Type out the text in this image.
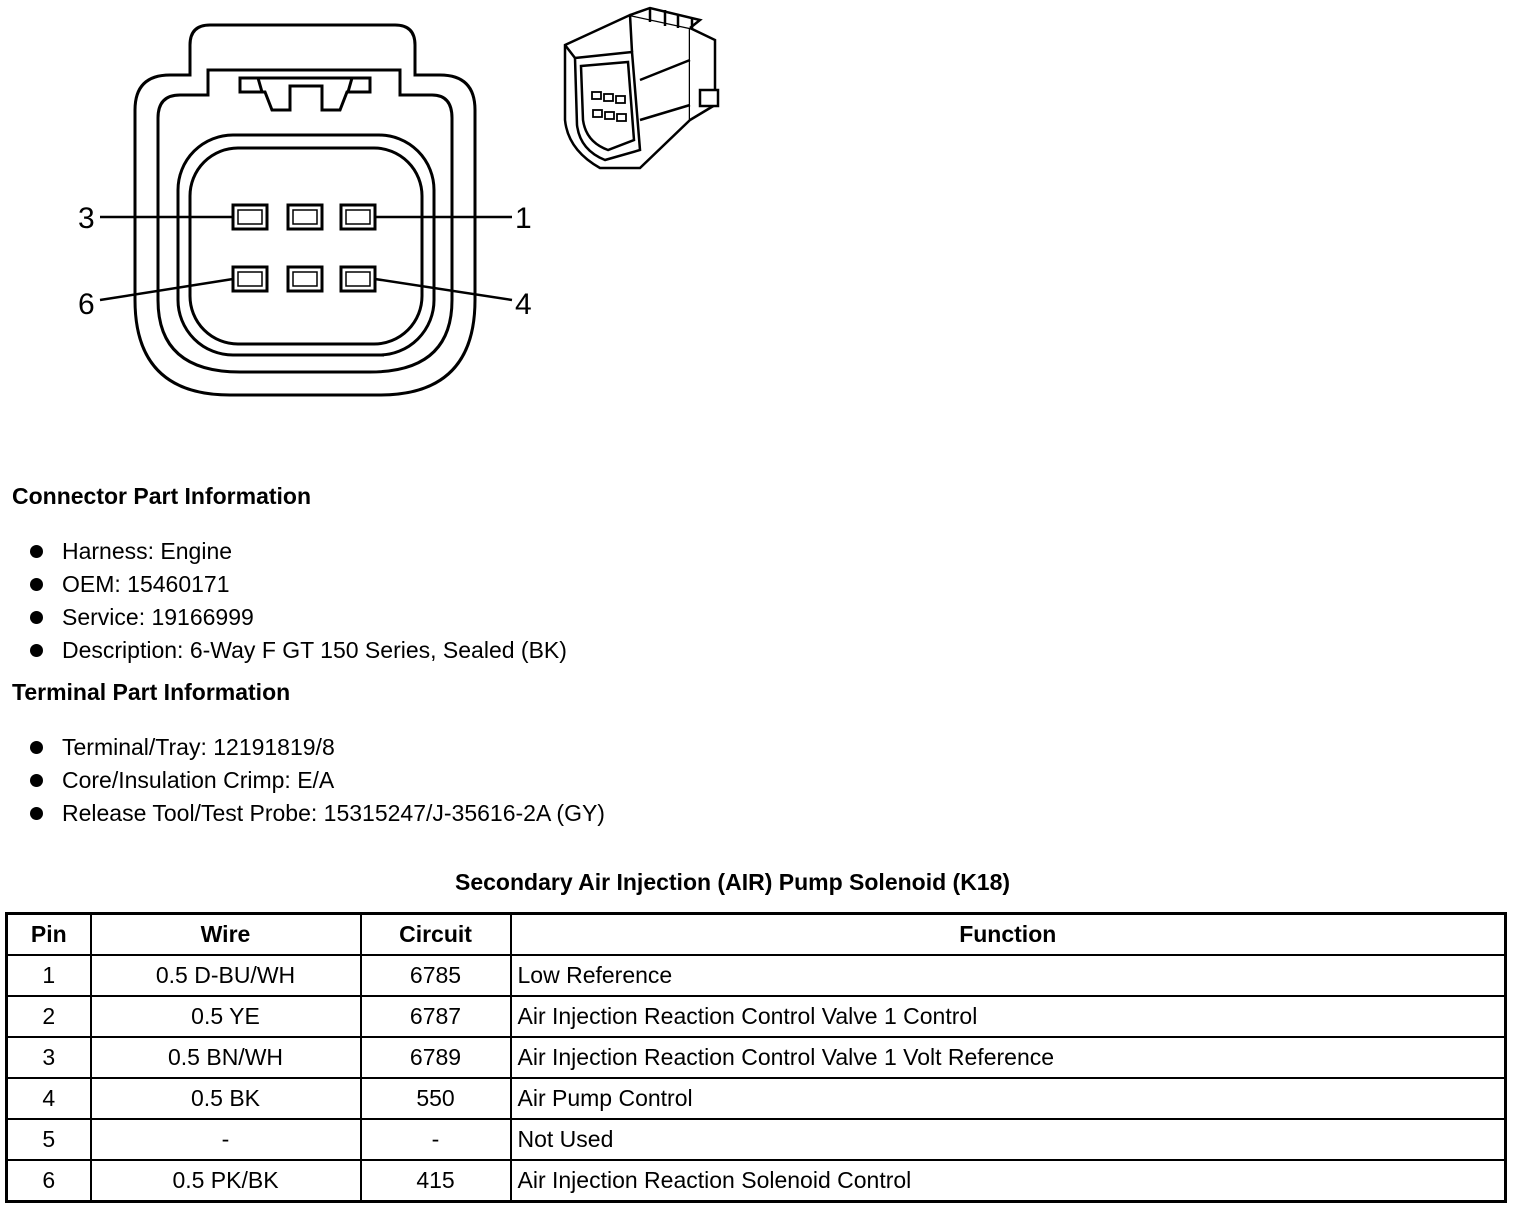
3	1
6	4
Connector Part Information
Harness: Engine
OEM: 15460171
Service: 19166999
Description: 6-Way F GT 150 Series, Sealed (BK)
Terminal Part Information
Terminal/Tray: 12191819/8
Core/Insulation Crimp: E/A
Release Tool/Test Probe: 15315247/J-35616-2A (GY)
Secondary Air Injection (AIR) Pump Solenoid (K18)
Pin	Wire	Circuit	Function
1	0.5 D-BU/WH	6785	Low Reference
2	0.5 YE	6787	Air Injection Reaction Control Valve 1 Control
3	0.5 BN/WH	6789	Air Injection Reaction Control Valve 1 Volt Reference
4	0.5 BK	550	Air Pump Control
5	-	-	Not Used
6	0.5 PK/BK	415	Air Injection Reaction Solenoid Control
